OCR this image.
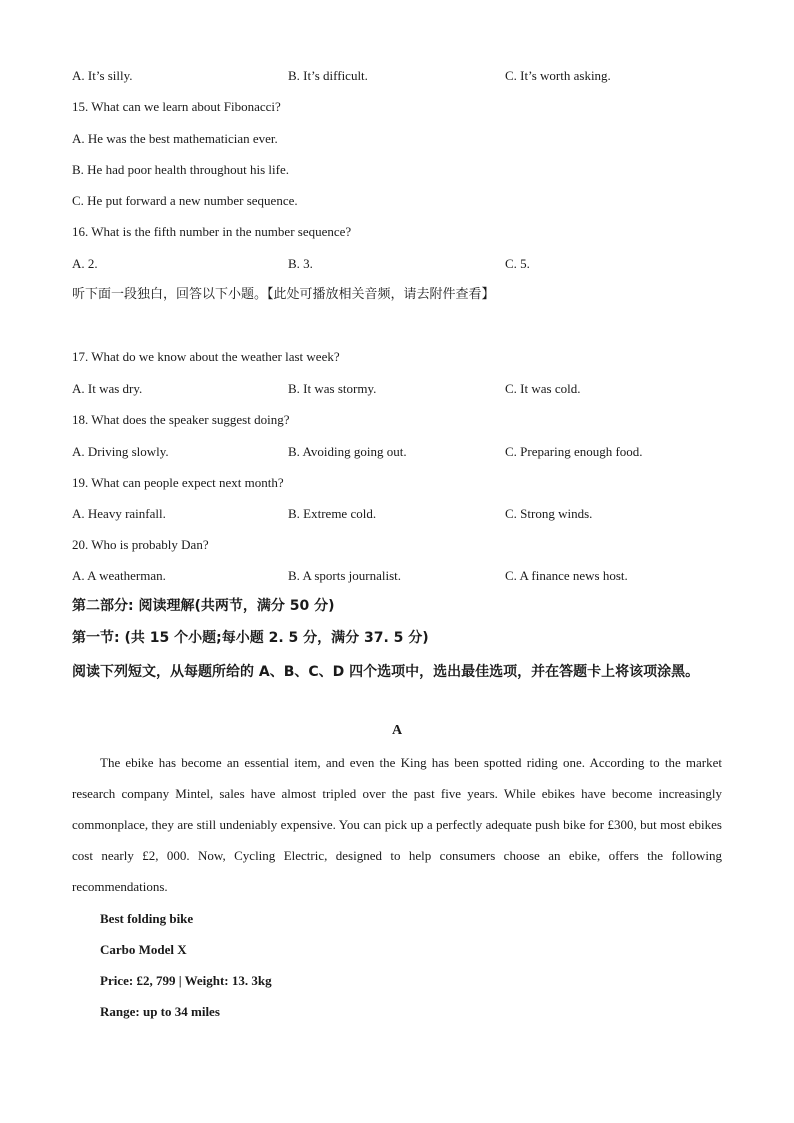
A. It’s silly.	B. It’s difficult.	C. It’s worth asking.
15. What can we learn about Fibonacci?
A. He was the best mathematician ever.
B. He had poor health throughout his life.
C. He put forward a new number sequence.
16. What is the fifth number in the number sequence?
A. 2.	B. 3.	C. 5.
听下面一段独白，回答以下小题。【此处可播放相关音频，请去附件查看】
17. What do we know about the weather last week?
A. It was dry.	B. It was stormy.	C. It was cold.
18. What does the speaker suggest doing?
A. Driving slowly.	B. Avoiding going out.	C. Preparing enough food.
19. What can people expect next month?
A. Heavy rainfall.	B. Extreme cold.	C. Strong winds.
20. Who is probably Dan?
A. A weatherman.	B. A sports journalist.	C. A finance news host.
第二部分: 阅读理解(共两节，满分 50 分)
第一节: (共 15 个小题;每小题 2. 5 分，满分 37. 5 分)
阅读下列短文，从每题所给的 A、B、C、D 四个选项中，选出最佳选项，并在答题卡上将该项涂黑。
A

The ebike has become an essential item, and even the King has been spotted riding one. According to the market research company Mintel, sales have almost tripled over the past five years. While ebikes have become increasingly commonplace, they are still undeniably expensive. You can pick up a perfectly adequate push bike for £300, but most ebikes cost nearly £2, 000. Now, Cycling Electric, designed to help consumers choose an ebike, offers the following recommendations.

Best folding bike
Carbo Model X
Price: £2, 799 | Weight: 13. 3kg
Range: up to 34 miles
